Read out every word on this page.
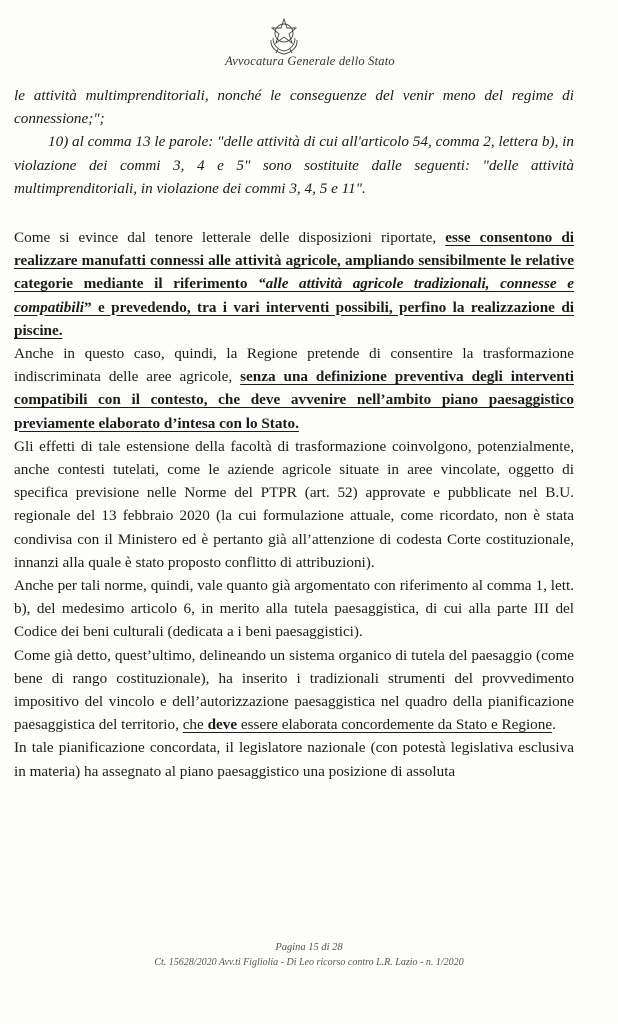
Avvocatura Generale dello Stato

le attività multimprenditoriali, nonché le conseguenze del venir meno del regime di connessione;";

10) al comma 13 le parole: "delle attività di cui all'articolo 54, comma 2, lettera b), in violazione dei commi 3, 4 e 5" sono sostituite dalle seguenti: "delle attività multimprenditoriali, in violazione dei commi 3, 4, 5 e 11".

Come si evince dal tenore letterale delle disposizioni riportate, esse consentono di realizzare manufatti connessi alle attività agricole, ampliando sensibilmente le relative categorie mediante il riferimento “alle attività agricole tradizionali, connesse e compatibili” e prevedendo, tra i vari interventi possibili, perfino la realizzazione di piscine.

Anche in questo caso, quindi, la Regione pretende di consentire la trasformazione indiscriminata delle aree agricole, senza una definizione preventiva degli interventi compatibili con il contesto, che deve avvenire nell’ambito piano paesaggistico previamente elaborato d’intesa con lo Stato.

Gli effetti di tale estensione della facoltà di trasformazione coinvolgono, potenzialmente, anche contesti tutelati, come le aziende agricole situate in aree vincolate, oggetto di specifica previsione nelle Norme del PTPR (art. 52) approvate e pubblicate nel B.U. regionale del 13 febbraio 2020 (la cui formulazione attuale, come ricordato, non è stata condivisa con il Ministero ed è pertanto già all’attenzione di codesta Corte costituzionale, innanzi alla quale è stato proposto conflitto di attribuzioni).

Anche per tali norme, quindi, vale quanto già argomentato con riferimento al comma 1, lett. b), del medesimo articolo 6, in merito alla tutela paesaggistica, di cui alla parte III del Codice dei beni culturali (dedicata a i beni paesaggistici).

Come già detto, quest’ultimo, delineando un sistema organico di tutela del paesaggio (come bene di rango costituzionale), ha inserito i tradizionali strumenti del provvedimento impositivo del vincolo e dell’autorizzazione paesaggistica nel quadro della pianificazione paesaggistica del territorio, che deve essere elaborata concordemente da Stato e Regione.

In tale pianificazione concordata, il legislatore nazionale (con potestà legislativa esclusiva in materia) ha assegnato al piano paesaggistico una posizione di assoluta

Pagina 15 di 28
Ct. 15628/2020 Avv.ti Figliolia - Di Leo ricorso contro L.R. Lazio - n. 1/2020
